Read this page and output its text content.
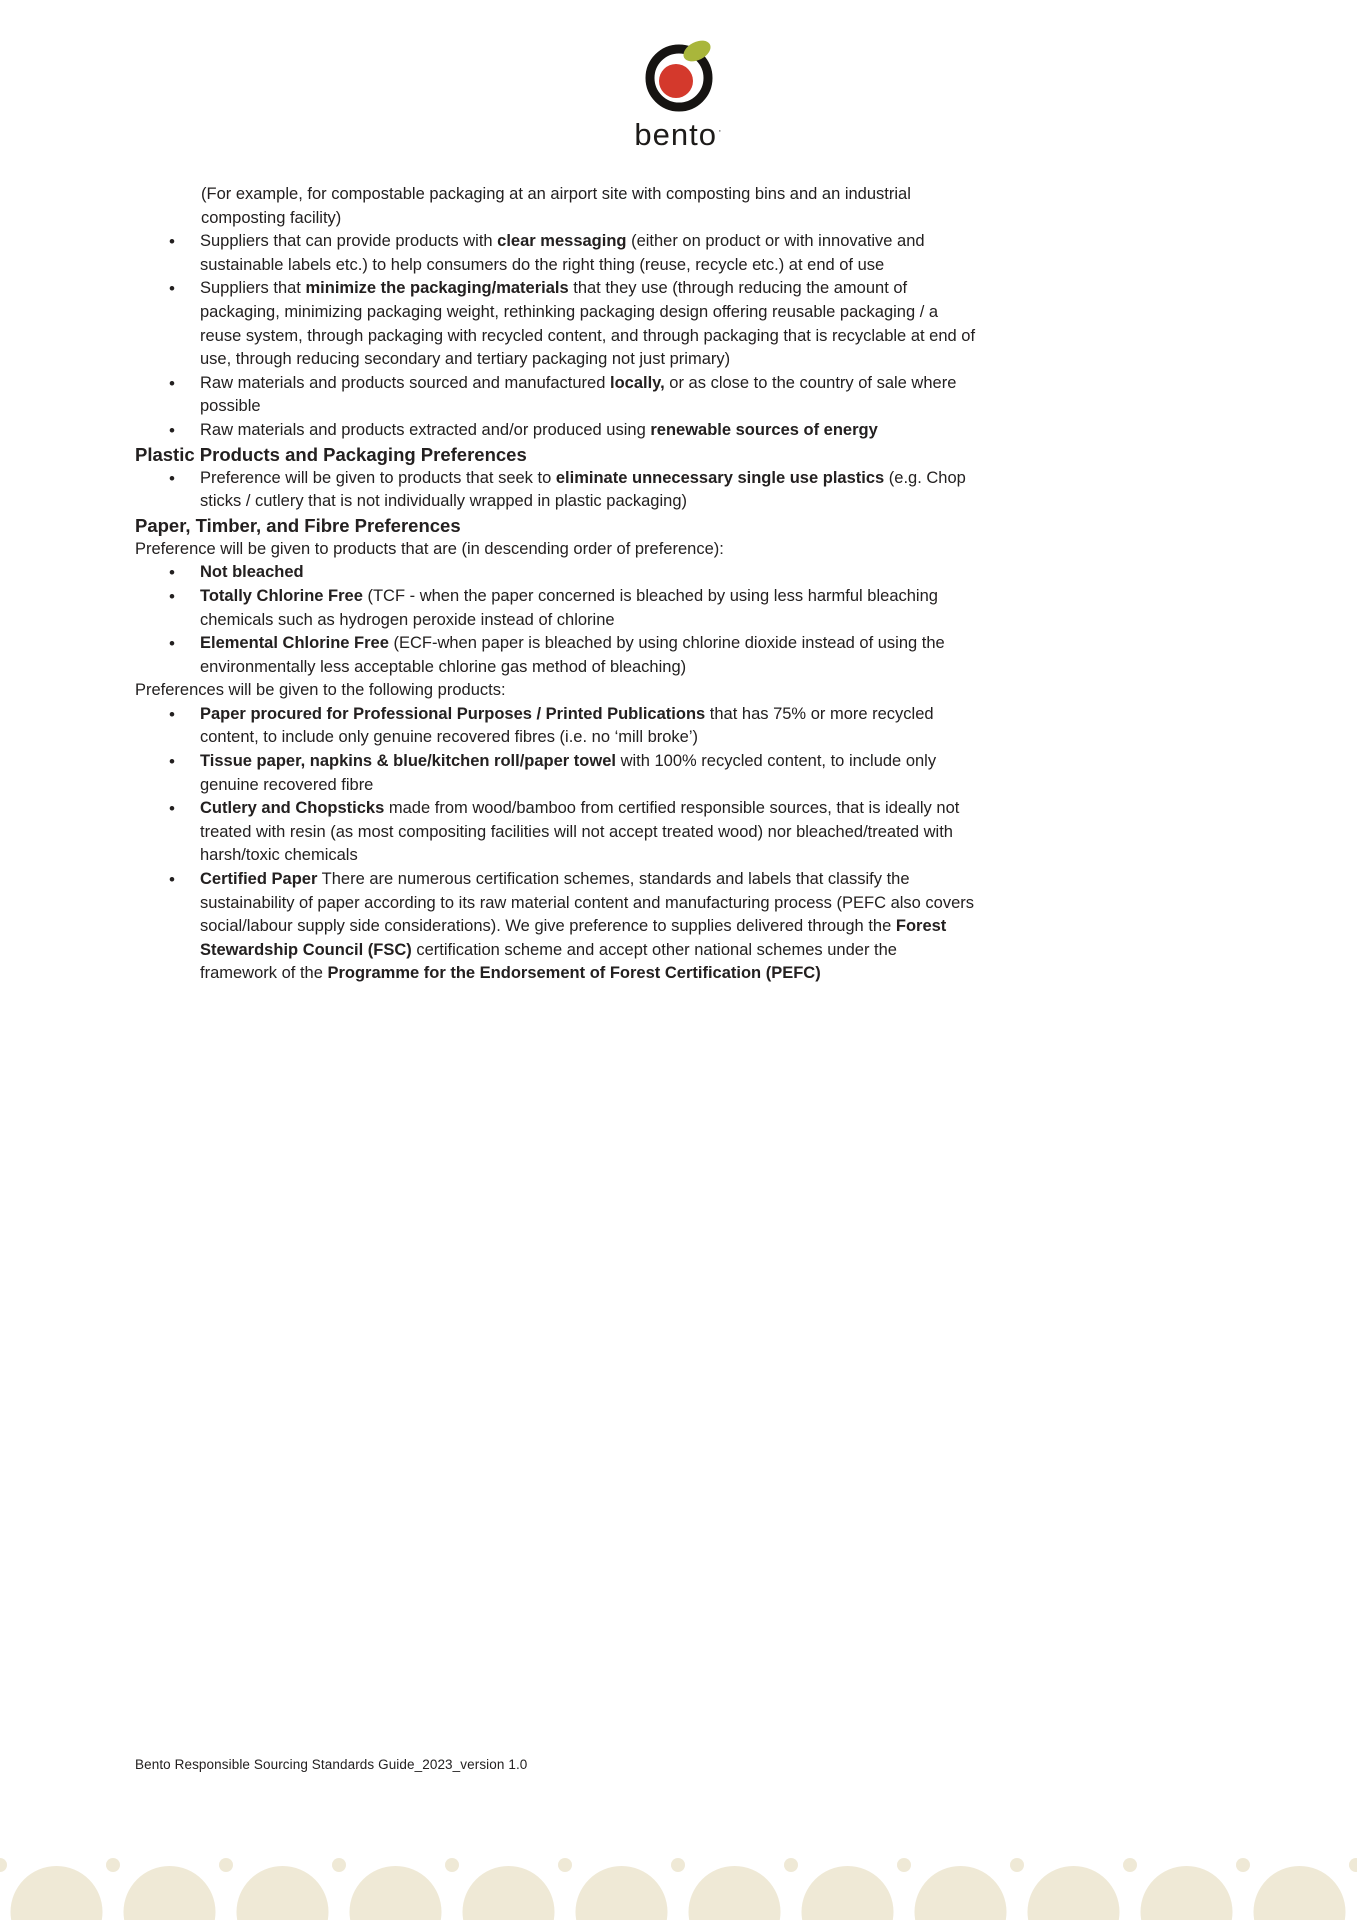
bento·

(For example, for compostable packaging at an airport site with composting bins and an industrial composting facility)

• Suppliers that can provide products with clear messaging (either on product or with innovative and sustainable labels etc.) to help consumers do the right thing (reuse, recycle etc.) at end of use
• Suppliers that minimize the packaging/materials that they use (through reducing the amount of packaging, minimizing packaging weight, rethinking packaging design offering reusable packaging / a reuse system, through packaging with recycled content, and through packaging that is recyclable at end of use, through reducing secondary and tertiary packaging not just primary)
• Raw materials and products sourced and manufactured locally, or as close to the country of sale where possible
• Raw materials and products extracted and/or produced using renewable sources of energy
Plastic Products and Packaging Preferences
• Preference will be given to products that seek to eliminate unnecessary single use plastics (e.g. Chop sticks / cutlery that is not individually wrapped in plastic packaging)
Paper, Timber, and Fibre Preferences

Preference will be given to products that are (in descending order of preference):

• Not bleached
• Totally Chlorine Free (TCF - when the paper concerned is bleached by using less harmful bleaching chemicals such as hydrogen peroxide instead of chlorine
• Elemental Chlorine Free (ECF-when paper is bleached by using chlorine dioxide instead of using the environmentally less acceptable chlorine gas method of bleaching)

Preferences will be given to the following products:

• Paper procured for Professional Purposes / Printed Publications that has 75% or more recycled content, to include only genuine recovered fibres (i.e. no ‘mill broke’)
• Tissue paper, napkins & blue/kitchen roll/paper towel with 100% recycled content, to include only genuine recovered fibre
• Cutlery and Chopsticks made from wood/bamboo from certified responsible sources, that is ideally not treated with resin (as most compositing facilities will not accept treated wood) nor bleached/treated with harsh/toxic chemicals
• Certified Paper There are numerous certification schemes, standards and labels that classify the sustainability of paper according to its raw material content and manufacturing process (PEFC also covers social/labour supply side considerations). We give preference to supplies delivered through the Forest Stewardship Council (FSC) certification scheme and accept other national schemes under the framework of the Programme for the Endorsement of Forest Certification (PEFC)
Bento Responsible Sourcing Standards Guide_2023_version 1.0
